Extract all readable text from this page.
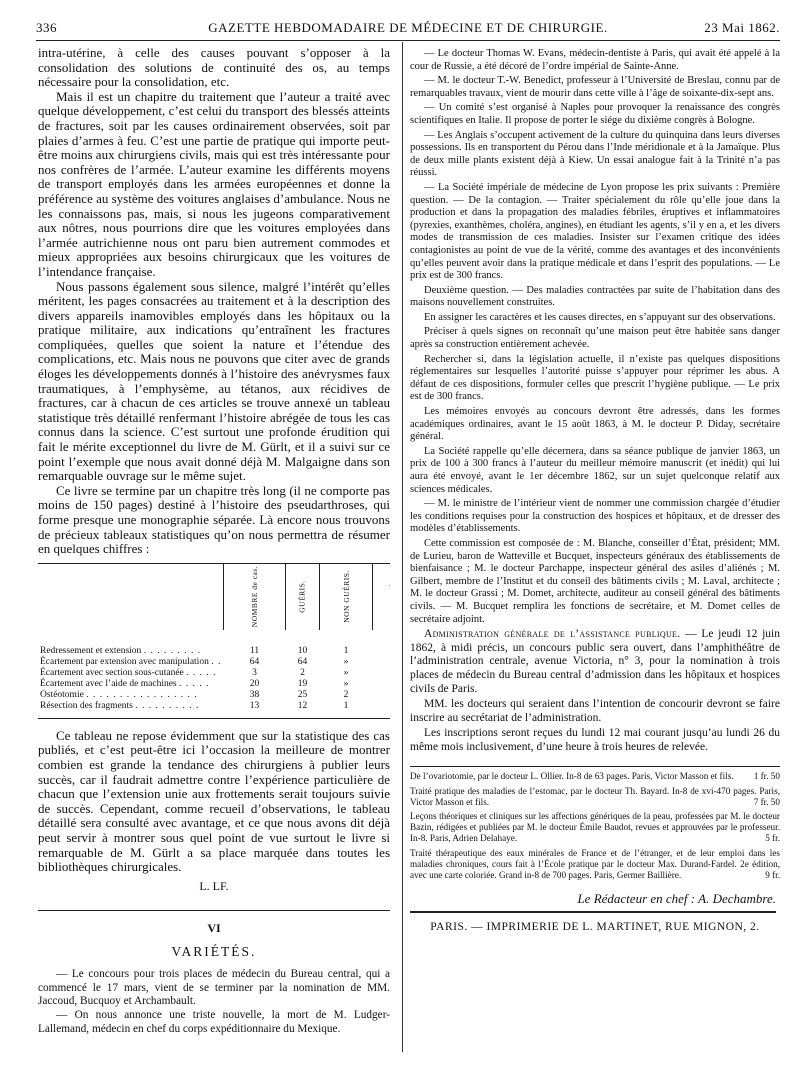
336	GAZETTE HEBDOMADAIRE DE MÉDECINE ET DE CHIRURGIE.	23 Mai 1862.

intra-utérine, à celle des causes pouvant s’opposer à la consolidation des solutions de continuité des os, au temps nécessaire pour la consolidation, etc.

Mais il est un chapitre du traitement que l’auteur a traité avec quelque développement, c’est celui du transport des blessés atteints de fractures, soit par les causes ordinairement observées, soit par plaies d’armes à feu. C’est une partie de pratique qui importe peut-être moins aux chirurgiens civils, mais qui est très intéressante pour nos confrères de l’armée. L’auteur examine les différents moyens de transport employés dans les armées européennes et donne la préférence au système des voitures anglaises d’ambulance. Nous ne les connaissons pas, mais, si nous les jugeons comparativement aux nôtres, nous pourrions dire que les voitures employées dans l’armée autrichienne nous ont paru bien autrement commodes et mieux appropriées aux besoins chirurgicaux que les voitures de l’intendance française.

Nous passons également sous silence, malgré l’intérêt qu’elles méritent, les pages consacrées au traitement et à la description des divers appareils inamovibles employés dans les hôpitaux ou la pratique militaire, aux indications qu’entraînent les fractures compliquées, quelles que soient la nature et l’étendue des complications, etc. Mais nous ne pouvons que citer avec de grands éloges les développements donnés à l’histoire des anévrysmes faux traumatiques, à l’emphysème, au tétanos, aux récidives de fractures, car à chacun de ces articles se trouve annexé un tableau statistique très détaillé renfermant l’histoire abrégée de tous les cas connus dans la science. C’est surtout une profonde érudition qui fait le mérite exceptionnel du livre de M. Gürlt, et il a suivi sur ce point l’exemple que nous avait donné déjà M. Malgaigne dans son remarquable ouvrage sur le même sujet.

Ce livre se termine par un chapitre très long (il ne comporte pas moins de 150 pages) destiné à l’histoire des pseudarthroses, qui forme presque une monographie séparée. Là encore nous trouvons de précieux tableaux statistiques qu’on nous permettra de résumer en quelques chiffres :

	NOMBRE de cas.	GUÉRIS.	NON GUÉRIS.			

Redressement et extension . . . . . . . . .	11	10	1			
Écartement par extension avec manipulation . .	64	64	»			
Écartement avec section sous-cutanée . . . . .	3	2	»			
Écartement avec l’aide de machines . . . . .	20	19	»			
Ostéotomie . . . . . . . . . . . . . . . . .	38	25	2			
Résection des fragments . . . . . . . . . .	13	12	1			

Ce tableau ne repose évidemment que sur la statistique des cas publiés, et c’est peut-être ici l’occasion la meilleure de montrer combien est grande la tendance des chirurgiens à publier leurs succès, car il faudrait admettre contre l’expérience particulière de chacun que l’extension unie aux frottements serait toujours suivie de succès. Cependant, comme recueil d’observations, le tableau détaillé sera consulté avec avantage, et ce que nous avons dit déjà peut servir à montrer sous quel point de vue surtout le livre si remarquable de M. Gürlt a sa place marquée dans toutes les bibliothèques chirurgicales.

L. LF.

VI

VARIÉTÉS.

— Le concours pour trois places de médecin du Bureau central, qui a commencé le 17 mars, vient de se terminer par la nomination de MM. Jaccoud, Bucquoy et Archambault.

— On nous annonce une triste nouvelle, la mort de M. Ludger-Lallemand, médecin en chef du corps expéditionnaire du Mexique.

— Le docteur Thomas W. Evans, médecin-dentiste à Paris, qui avait été appelé à la cour de Russie, a été décoré de l’ordre impérial de Sainte-Anne.

— M. le docteur T.-W. Benedict, professeur à l’Université de Breslau, connu par de remarquables travaux, vient de mourir dans cette ville à l’âge de soixante-dix-sept ans.

— Un comité s’est organisé à Naples pour provoquer la renaissance des congrès scientifiques en Italie. Il propose de porter le siége du dixième congrès à Bologne.

— Les Anglais s’occupent activement de la culture du quinquina dans leurs diverses possessions. Ils en transportent du Pérou dans l’Inde méridionale et à la Jamaïque. Plus de deux mille plants existent déjà à Kiew. Un essai analogue fait à la Trinité n’a pas réussi.

— La Société impériale de médecine de Lyon propose les prix suivants : Première question. — De la contagion. — Traiter spécialement du rôle qu’elle joue dans la production et dans la propagation des maladies fébriles, éruptives et inflammatoires (pyrexies, exanthèmes, choléra, angines), en étudiant les agents, s’il y en a, et les divers modes de transmission de ces maladies. Insister sur l’examen critique des idées contagionistes au point de vue de la vérité, comme des avantages et des inconvénients qu’elles peuvent avoir dans la pratique médicale et dans l’esprit des populations. — Le prix est de 300 francs.

Deuxième question. — Des maladies contractées par suite de l’habitation dans des maisons nouvellement construites.

En assigner les caractères et les causes directes, en s’appuyant sur des observations.

Préciser à quels signes on reconnaît qu’une maison peut être habitée sans danger après sa construction entièrement achevée.

Rechercher si, dans la législation actuelle, il n’existe pas quelques dispositions réglementaires sur lesquelles l’autorité puisse s’appuyer pour réprimer les abus. A défaut de ces dispositions, formuler celles que prescrit l’hygiène publique. — Le prix est de 300 francs.

Les mémoires envoyés au concours devront être adressés, dans les formes académiques ordinaires, avant le 15 août 1863, à M. le docteur P. Diday, secrétaire général.

La Société rappelle qu’elle décernera, dans sa séance publique de janvier 1863, un prix de 100 à 300 francs à l’auteur du meilleur mémoire manuscrit (et inédit) qui lui aura été envoyé, avant le 1er décembre 1862, sur un sujet quelconque relatif aux sciences médicales.

— M. le ministre de l’intérieur vient de nommer une commission chargée d’étudier les conditions requises pour la construction des hospices et hôpitaux, et de dresser des modèles d’établissements.

Cette commission est composée de : M. Blanche, conseiller d’État, président; MM. de Lurieu, baron de Watteville et Bucquet, inspecteurs généraux des établissements de bienfaisance ; M. le docteur Parchappe, inspecteur général des asiles d’aliénés ; M. Gilbert, membre de l’Institut et du conseil des bâtiments civils ; M. Laval, architecte ; M. le docteur Grassi ; M. Domet, architecte, auditeur au conseil général des bâtiments civils. — M. Bucquet remplira les fonctions de secrétaire, et M. Domet celles de secrétaire adjoint.

Administration générale de l’assistance publique. — Le jeudi 12 juin 1862, à midi précis, un concours public sera ouvert, dans l’amphithéâtre de l’administration centrale, avenue Victoria, n° 3, pour la nomination à trois places de médecin du Bureau central d’admission dans les hôpitaux et hospices civils de Paris.

MM. les docteurs qui seraient dans l’intention de concourir devront se faire inscrire au secrétariat de l’administration.

Les inscriptions seront reçues du lundi 12 mai courant jusqu’au lundi 26 du même mois inclusivement, d’une heure à trois heures de relevée.

De l’ovariotomie, par le docteur L. Ollier. In-8 de 63 pages. Paris, Victor Masson et fils. 1 fr. 50

Traité pratique des maladies de l’estomac, par le docteur Th. Bayard. In-8 de xvi-470 pages. Paris, Victor Masson et fils.	7 fr. 50

Leçons théoriques et cliniques sur les affections génériques de la peau, professées par M. le docteur Bazin, rédigées et publiées par M. le docteur Émile Baudot, revues et approuvées par le professeur. In-8. Paris, Adrien Delahaye.	5 fr.

Traité thérapeutique des eaux minérales de France et de l’étranger, et de leur emploi dans les maladies chroniques, cours fait à l’École pratique par le docteur Max. Durand-Fardel. 2e édition, avec une carte coloriée. Grand in-8 de 700 pages. Paris, Germer Baillière.	9 fr.

Le Rédacteur en chef : A. Dechambre.

PARIS. — IMPRIMERIE DE L. MARTINET, RUE MIGNON, 2.
